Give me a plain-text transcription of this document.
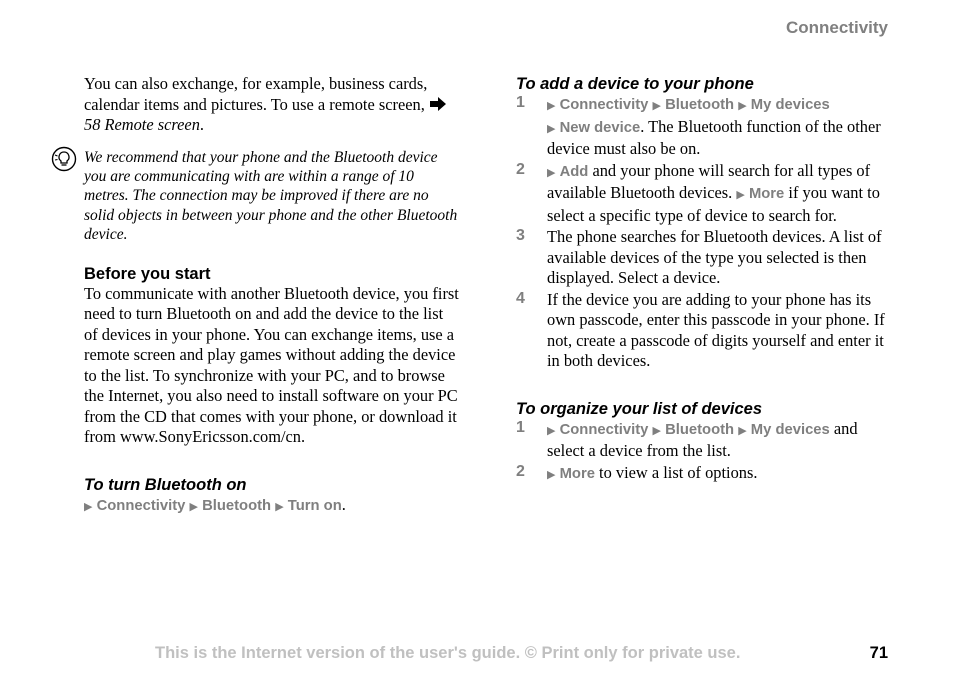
Connectivity

You can also exchange, for example, business cards, calendar items and pictures. To use a remote screen,  58 Remote screen.

We recommend that your phone and the Bluetooth device you are communicating with are within a range of 10 metres. The connection may be improved if there are no solid objects in between your phone and the other Bluetooth device.
Before you start

To communicate with another Bluetooth device, you first need to turn Bluetooth on and add the device to the list of devices in your phone. You can exchange items, use a remote screen and play games without adding the device to the list. To synchronize with your PC, and to browse the Internet, you also need to install software on your PC from the CD that comes with your phone, or download it from www.SonyEricsson.com/cn.

To turn Bluetooth on

▶ Connectivity ▶ Bluetooth ▶ Turn on.

To add a device to your phone
1 ▶ Connectivity ▶ Bluetooth ▶ My devices
▶ New device. The Bluetooth function of the other device must also be on.

2 ▶ Add and your phone will search for all types of available Bluetooth devices. ▶ More if you want to select a specific type of device to search for.

3 The phone searches for Bluetooth devices. A list of available devices of the type you selected is then displayed. Select a device.

4 If the device you are adding to your phone has its own passcode, enter this passcode in your phone. If not, create a passcode of digits yourself and enter it in both devices.

To organize your list of devices
1 ▶ Connectivity ▶ Bluetooth ▶ My devices and select a device from the list.

2 ▶ More to view a list of options.

This is the Internet version of the user's guide. © Print only for private use.	71
